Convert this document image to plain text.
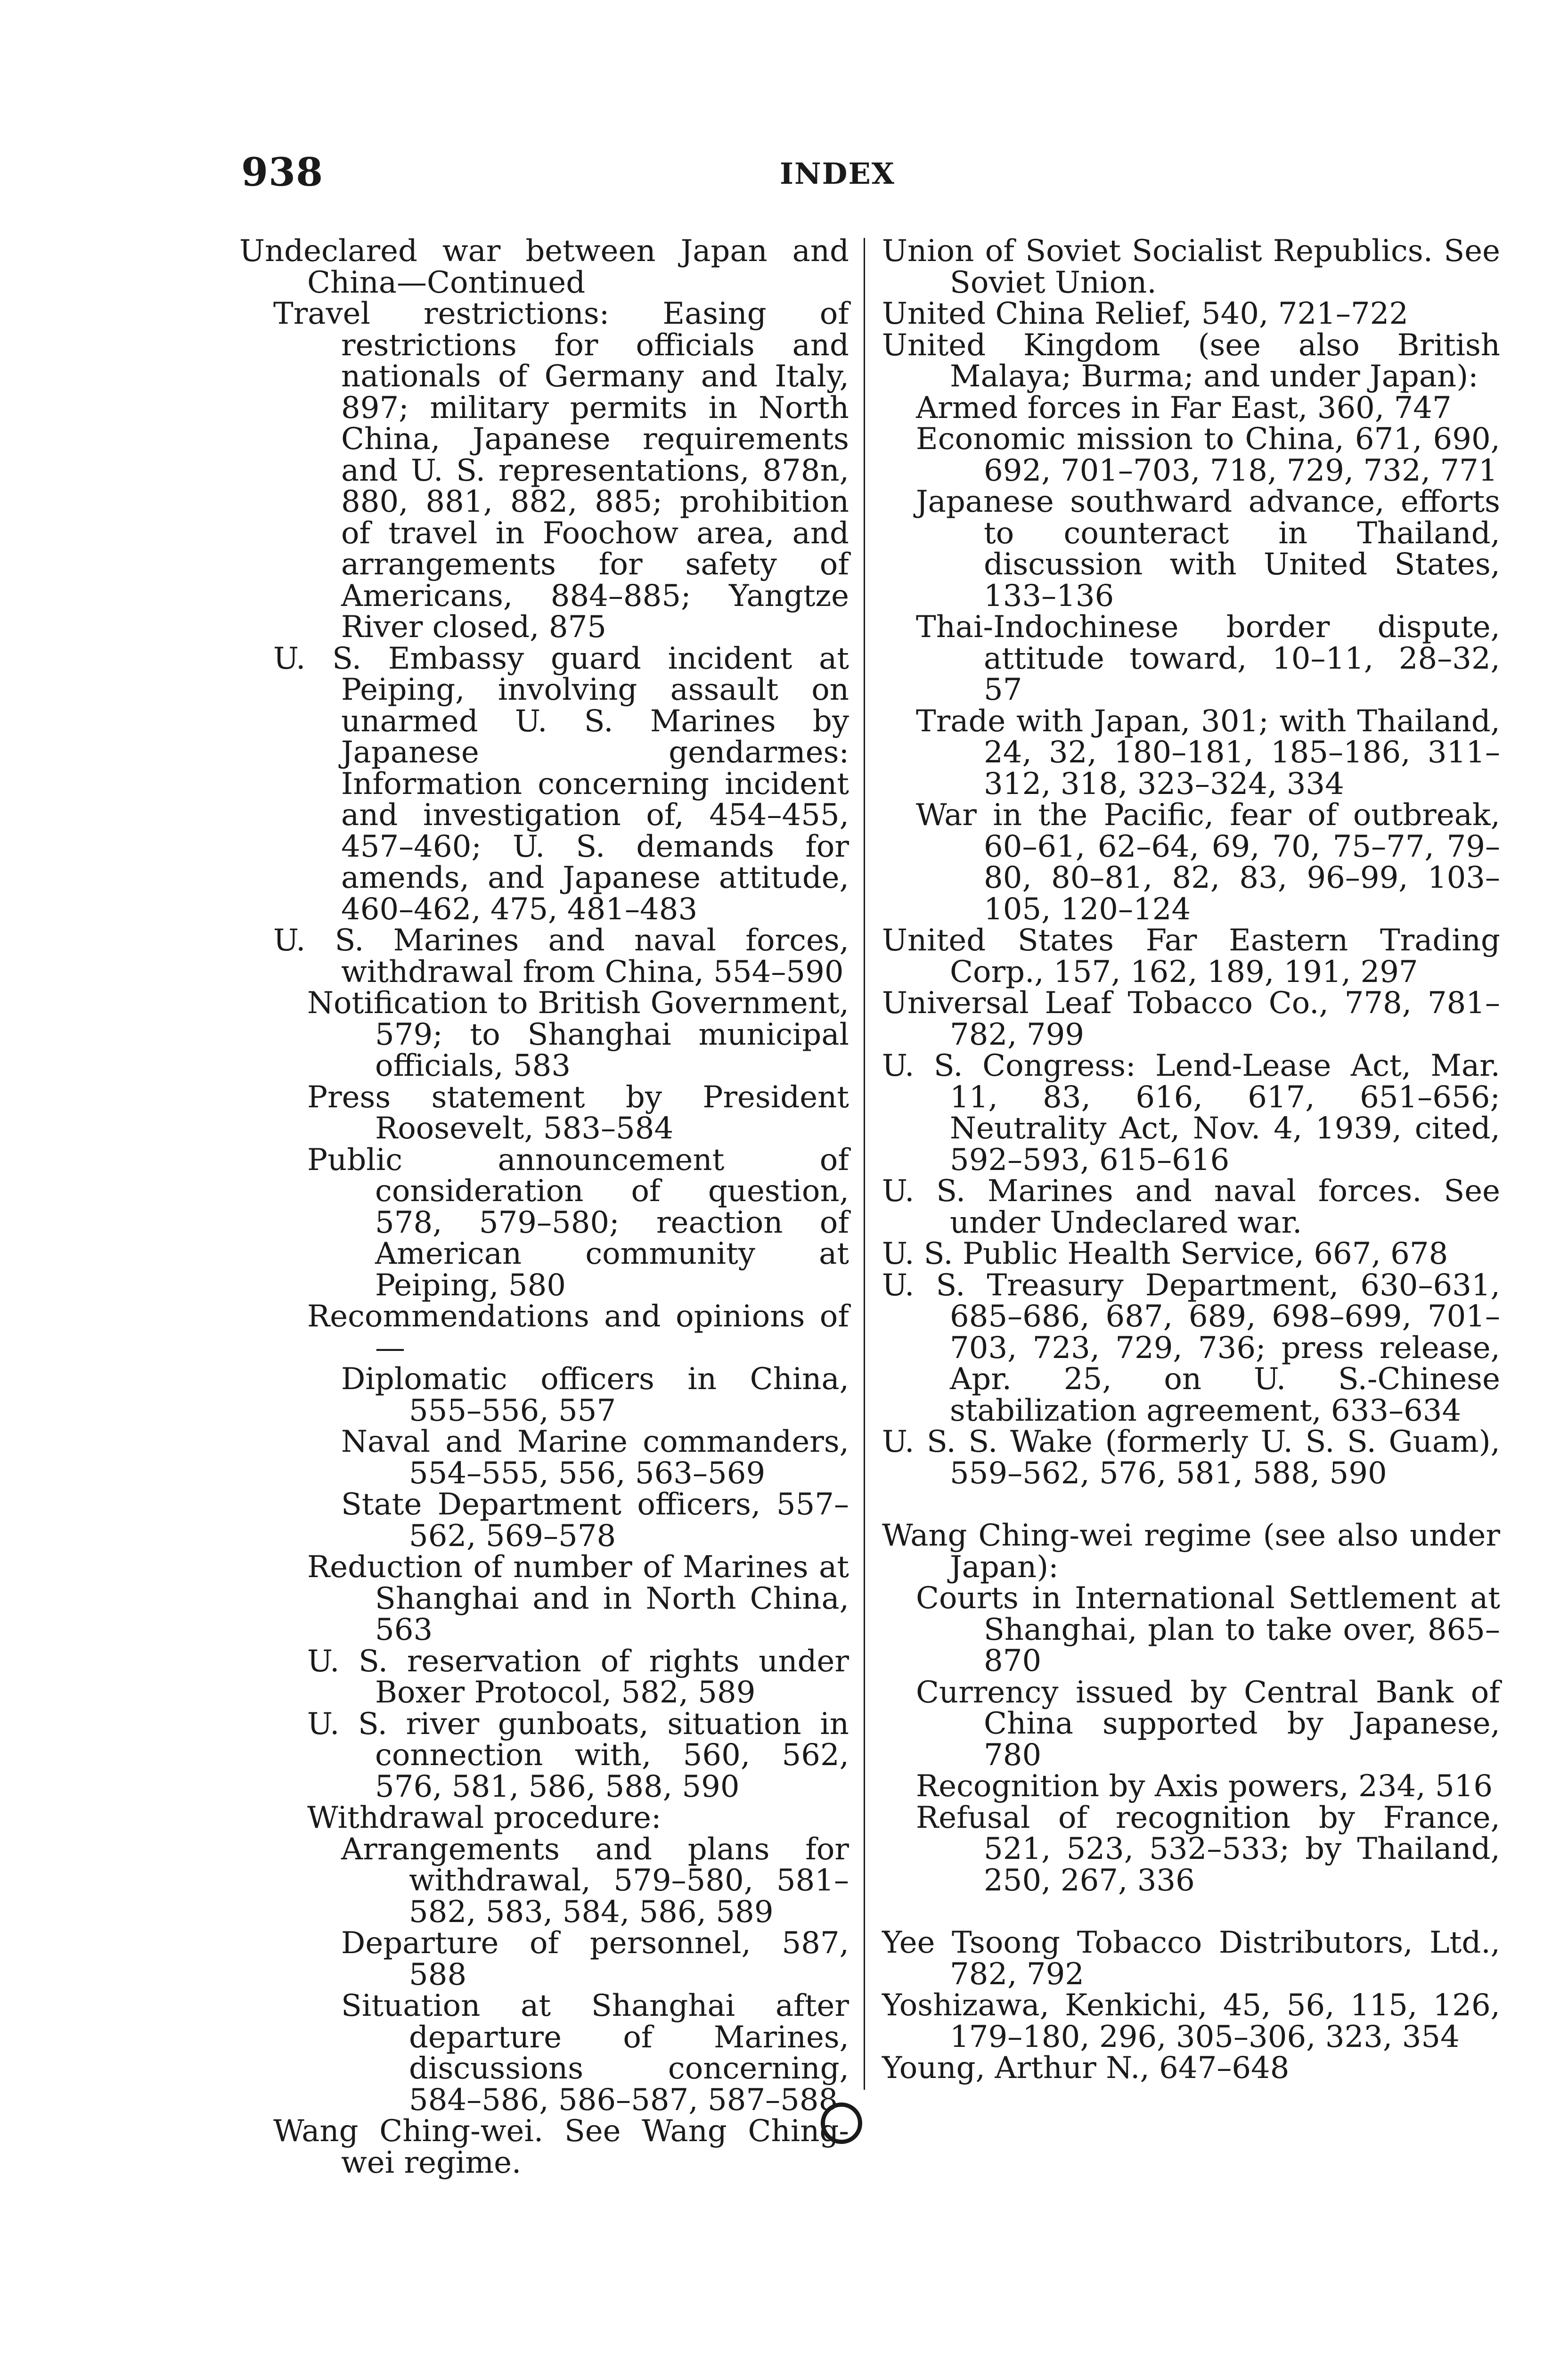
938	INDEX
Undeclared war between Japan and China—Continued
Travel restrictions: Easing of restrictions for officials and nationals of Germany and Italy, 897; military permits in North China, Japanese requirements and U. S. representations, 878n, 880, 881, 882, 885; prohibition of travel in Foochow area, and arrangements for safety of Americans, 884–885; Yangtze River closed, 875
U. S. Embassy guard incident at Peiping, involving assault on unarmed U. S. Marines by Japanese gendarmes: Information concerning incident and investigation of, 454–455, 457–460; U. S. demands for amends, and Japanese attitude, 460–462, 475, 481–483
U. S. Marines and naval forces, withdrawal from China, 554–590
Notification to British Government, 579; to Shanghai municipal officials, 583
Press statement by President Roosevelt, 583–584
Public announcement of consideration of question, 578, 579–580; reaction of American community at Peiping, 580
Recommendations and opinions of—
Diplomatic officers in China, 555–556, 557
Naval and Marine commanders, 554–555, 556, 563–569
State Department officers, 557–562, 569–578
Reduction of number of Marines at Shanghai and in North China, 563
U. S. reservation of rights under Boxer Protocol, 582, 589
U. S. river gunboats, situation in connection with, 560, 562, 576, 581, 586, 588, 590
Withdrawal procedure:
Arrangements and plans for withdrawal, 579–580, 581–582, 583, 584, 586, 589
Departure of personnel, 587, 588
Situation at Shanghai after departure of Marines, discussions concerning, 584–586, 586–587, 587–588
Wang Ching-wei. See Wang Ching-wei regime.
Union of Soviet Socialist Republics. See Soviet Union.
United China Relief, 540, 721–722
United Kingdom (see also British Malaya; Burma; and under Japan):
Armed forces in Far East, 360, 747
Economic mission to China, 671, 690, 692, 701–703, 718, 729, 732, 771
Japanese southward advance, efforts to counteract in Thailand, discussion with United States, 133–136
Thai-Indochinese border dispute, attitude toward, 10–11, 28–32, 57
Trade with Japan, 301; with Thailand, 24, 32, 180–181, 185–186, 311–312, 318, 323–324, 334
War in the Pacific, fear of outbreak, 60–61, 62–64, 69, 70, 75–77, 79–80, 80–81, 82, 83, 96–99, 103–105, 120–124
United States Far Eastern Trading Corp., 157, 162, 189, 191, 297
Universal Leaf Tobacco Co., 778, 781–782, 799
U. S. Congress: Lend-Lease Act, Mar. 11, 83, 616, 617, 651–656; Neutrality Act, Nov. 4, 1939, cited, 592–593, 615–616
U. S. Marines and naval forces. See under Undeclared war.
U. S. Public Health Service, 667, 678
U. S. Treasury Department, 630–631, 685–686, 687, 689, 698–699, 701–703, 723, 729, 736; press release, Apr. 25, on U. S.-Chinese stabilization agreement, 633–634
U. S. S. Wake (formerly U. S. S. Guam), 559–562, 576, 581, 588, 590
Wang Ching-wei regime (see also under Japan):
Courts in International Settlement at Shanghai, plan to take over, 865–870
Currency issued by Central Bank of China supported by Japanese, 780
Recognition by Axis powers, 234, 516
Refusal of recognition by France, 521, 523, 532–533; by Thailand, 250, 267, 336
Yee Tsoong Tobacco Distributors, Ltd., 782, 792
Yoshizawa, Kenkichi, 45, 56, 115, 126, 179–180, 296, 305–306, 323, 354
Young, Arthur N., 647–648
